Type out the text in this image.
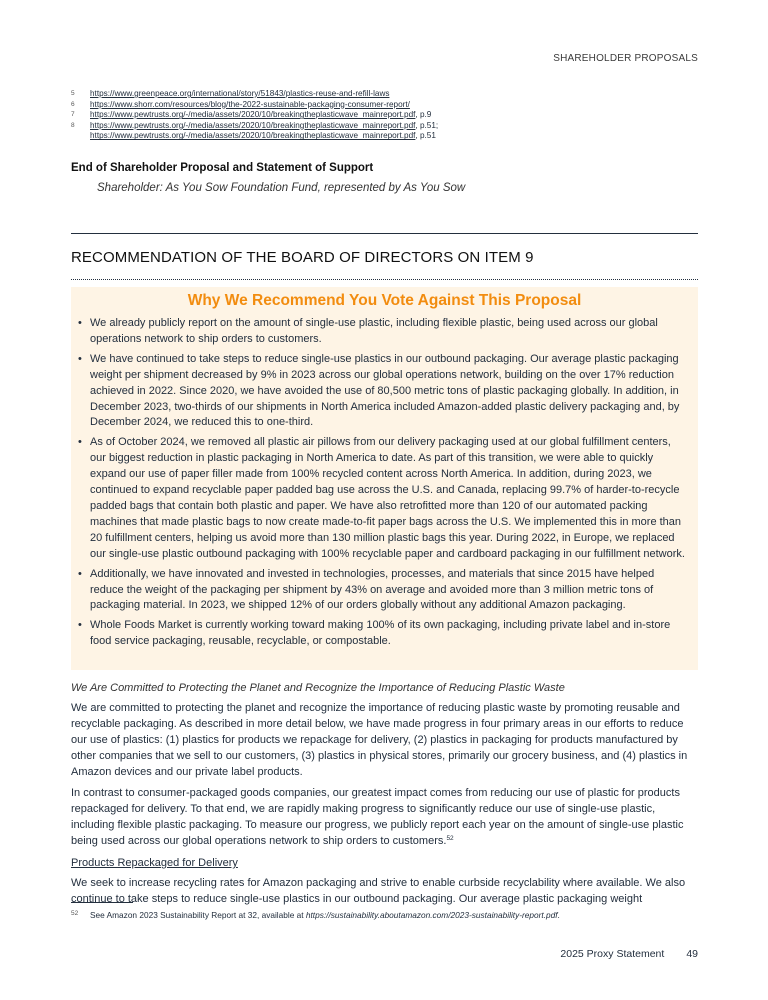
SHAREHOLDER PROPOSALS
5	https://www.greenpeace.org/international/story/51843/plastics-reuse-and-refill-laws
6	https://www.shorr.com/resources/blog/the-2022-sustainable-packaging-consumer-report/
7	https://www.pewtrusts.org/-/media/assets/2020/10/breakingtheplasticwave_mainreport.pdf, p.9
8	https://www.pewtrusts.org/-/media/assets/2020/10/breakingtheplasticwave_mainreport.pdf, p.51;
https://www.pewtrusts.org/-/media/assets/2020/10/breakingtheplasticwave_mainreport.pdf, p.51
End of Shareholder Proposal and Statement of Support
Shareholder: As You Sow Foundation Fund, represented by As You Sow
RECOMMENDATION OF THE BOARD OF DIRECTORS ON ITEM 9
Why We Recommend You Vote Against This Proposal
• We already publicly report on the amount of single-use plastic, including flexible plastic, being used across our global operations network to ship orders to customers.
• We have continued to take steps to reduce single-use plastics in our outbound packaging. Our average plastic packaging weight per shipment decreased by 9% in 2023 across our global operations network, building on the over 17% reduction achieved in 2022. Since 2020, we have avoided the use of 80,500 metric tons of plastic packaging globally. In addition, in December 2023, two-thirds of our shipments in North America included Amazon-added plastic delivery packaging and, by December 2024, we reduced this to one-third.
• As of October 2024, we removed all plastic air pillows from our delivery packaging used at our global fulfillment centers, our biggest reduction in plastic packaging in North America to date. As part of this transition, we were able to quickly expand our use of paper filler made from 100% recycled content across North America. In addition, during 2023, we continued to expand recyclable paper padded bag use across the U.S. and Canada, replacing 99.7% of harder-to-recycle padded bags that contain both plastic and paper. We have also retrofitted more than 120 of our automated packing machines that made plastic bags to now create made-to-fit paper bags across the U.S. We implemented this in more than 20 fulfillment centers, helping us avoid more than 130 million plastic bags this year. During 2022, in Europe, we replaced our single-use plastic outbound packaging with 100% recyclable paper and cardboard packaging in our fulfillment network.
• Additionally, we have innovated and invested in technologies, processes, and materials that since 2015 have helped reduce the weight of the packaging per shipment by 43% on average and avoided more than 3 million metric tons of packaging material. In 2023, we shipped 12% of our orders globally without any additional Amazon packaging.
• Whole Foods Market is currently working toward making 100% of its own packaging, including private label and in-store food service packaging, reusable, recyclable, or compostable.

We Are Committed to Protecting the Planet and Recognize the Importance of Reducing Plastic Waste

We are committed to protecting the planet and recognize the importance of reducing plastic waste by promoting reusable and recyclable packaging. As described in more detail below, we have made progress in four primary areas in our efforts to reduce our use of plastics: (1) plastics for products we repackage for delivery, (2) plastics in packaging for products manufactured by other companies that we sell to our customers, (3) plastics in physical stores, primarily our grocery business, and (4) plastics in Amazon devices and our private label products.

In contrast to consumer-packaged goods companies, our greatest impact comes from reducing our use of plastic for products repackaged for delivery. To that end, we are rapidly making progress to significantly reduce our use of single-use plastic, including flexible plastic packaging. To measure our progress, we publicly report each year on the amount of single-use plastic being used across our global operations network to ship orders to customers.$^{52}$

Products Repackaged for Delivery

We seek to increase recycling rates for Amazon packaging and strive to enable curbside recyclability where available. We also continue to take steps to reduce single-use plastics in our outbound packaging. Our average plastic packaging weight

52	See Amazon 2023 Sustainability Report at 32, available at https://sustainability.aboutamazon.com/2023-sustainability-report.pdf.
2025 Proxy Statement 49
